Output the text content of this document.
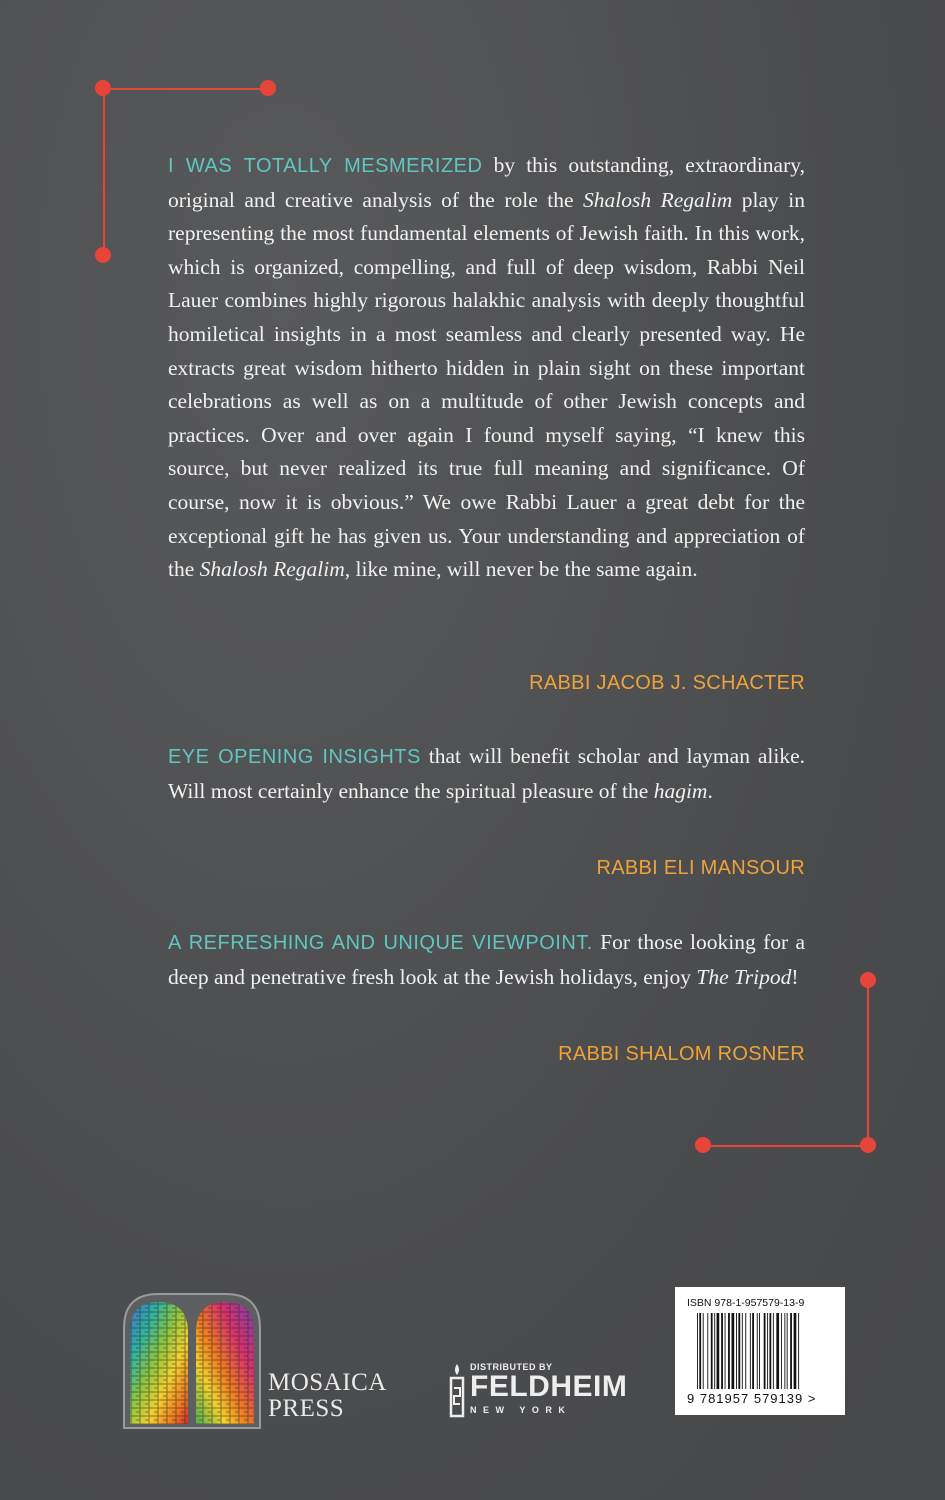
I WAS TOTALLY MESMERIZED by this outstanding, extraordinary, original and creative analysis of the role the Shalosh Regalim play in representing the most fundamental elements of Jewish faith. In this work, which is organized, compelling, and full of deep wisdom, Rabbi Neil Lauer combines highly rigorous halakhic analysis with deeply thoughtful homiletical insights in a most seamless and clearly presented way. He extracts great wisdom hitherto hidden in plain sight on these important celebrations as well as on a multitude of other Jewish concepts and practices. Over and over again I found myself saying, “I knew this source, but never realized its true full meaning and significance. Of course, now it is obvious.” We owe Rabbi Lauer a great debt for the exceptional gift he has given us. Your understanding and appreciation of the Shalosh Regalim, like mine, will never be the same again.

RABBI JACOB J. SCHACTER

EYE OPENING INSIGHTS that will benefit scholar and layman alike. Will most certainly enhance the spiritual pleasure of the hagim.

RABBI ELI MANSOUR

A REFRESHING AND UNIQUE VIEWPOINT. For those looking for a deep and penetrative fresh look at the Jewish holidays, enjoy The Tripod!

RABBI SHALOM ROSNER
MOSAICA
PRESS
DISTRIBUTED BY
FELDHEIM
NEW YORK
ISBN 978-1-957579-13-9
9 781957 579139 >
